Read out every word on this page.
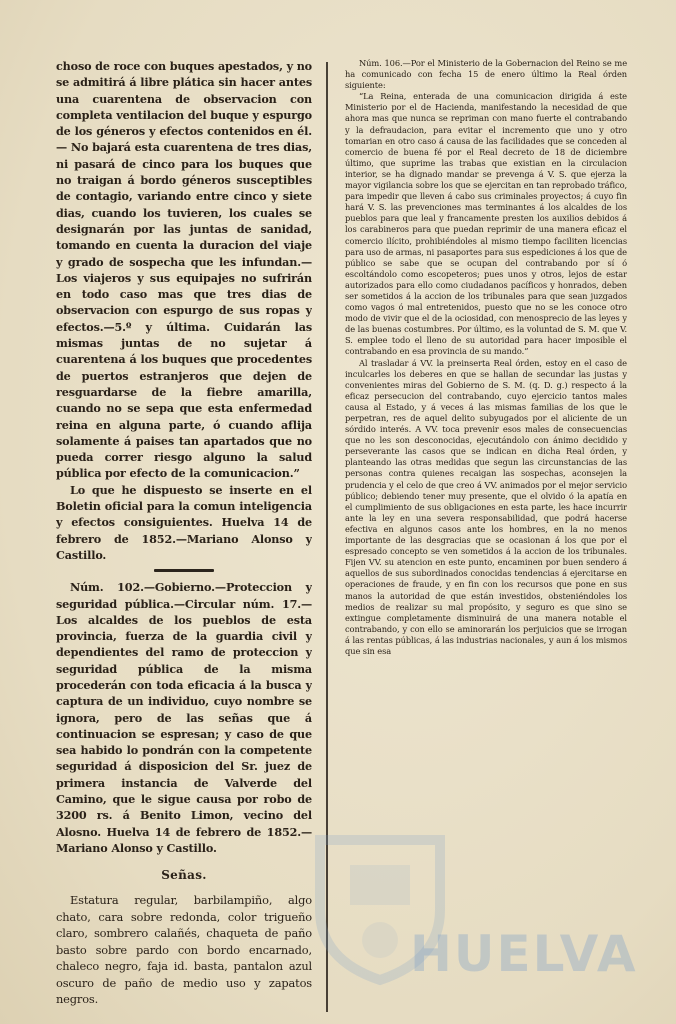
choso de roce con buques apestados, y no se admitirá á libre plática sin hacer antes una cuarentena de observacion con completa ventilacion del buque y espurgo de los géneros y efectos contenidos en él.— No bajará esta cuarentena de tres dias, ni pasará de cinco para los buques que no traigan á bordo géneros susceptibles de contagio, variando entre cinco y siete dias, cuando los tuvieren, los cuales se designarán por las juntas de sanidad, tomando en cuenta la duracion del viaje y grado de sospecha que les infundan.—Los viajeros y sus equipajes no sufrirán en todo caso mas que tres dias de observacion con espurgo de sus ropas y efectos.—5.º y última. Cuidarán las mismas juntas de no sujetar á cuarentena á los buques que procedentes de puertos estranjeros que dejen de resguardarse de la fiebre amarilla, cuando no se sepa que esta enfermedad reina en alguna parte, ó cuando aflija solamente á paises tan apartados que no pueda correr riesgo alguno la salud pública por efecto de la comunicacion.”

Lo que he dispuesto se inserte en el Boletin oficial para la comun inteligencia y efectos consiguientes. Huelva 14 de febrero de 1852.—Mariano Alonso y Castillo.

Núm. 102.—Gobierno.—Proteccion y seguridad pública.—Circular núm. 17.—Los alcaldes de los pueblos de esta provincia, fuerza de la guardia civil y dependientes del ramo de proteccion y seguridad pública de la misma procederán con toda eficacia á la busca y captura de un individuo, cuyo nombre se ignora, pero de las señas que á continuacion se espresan; y caso de que sea habido lo pondrán con la competente seguridad á disposicion del Sr. juez de primera instancia de Valverde del Camino, que le sigue causa por robo de 3200 rs. á Benito Limon, vecino del Alosno. Huelva 14 de febrero de 1852.—Mariano Alonso y Castillo.

Señas.

Estatura regular, barbilampiño, algo chato, cara sobre redonda, color trigueño claro, sombrero calañés, chaqueta de paño basto sobre pardo con bordo encarnado, chaleco negro, faja id. basta, pantalon azul oscuro de paño de medio uso y zapatos negros.

Núm. 106.—Por el Ministerio de la Gobernacion del Reino se me ha comunicado con fecha 15 de enero último la Real órden siguiente:

“La Reina, enterada de una comunicacion dirigida á este Ministerio por el de Hacienda, manifestando la necesidad de que ahora mas que nunca se repriman con mano fuerte el contrabando y la defraudacion, para evitar el incremento que uno y otro tomarian en otro caso á causa de las facilidades que se conceden al comercio de buena fé por el Real decreto de 18 de diciembre último, que suprime las trabas que existian en la circulacion interior, se ha dignado mandar se prevenga á V. S. que ejerza la mayor vigilancia sobre los que se ejercitan en tan reprobado tráfico, para impedir que lleven á cabo sus criminales proyectos; á cuyo fin hará V. S. las prevenciones mas terminantes á los alcaldes de los pueblos para que leal y francamente presten los auxilios debidos á los carabineros para que puedan reprimir de una manera eficaz el comercio ilícito, prohibiéndoles al mismo tiempo faciliten licencias para uso de armas, ni pasaportes para sus espediciones á los que de público se sabe que se ocupan del contrabando por sí ó escoltándolo como escopeteros; pues unos y otros, lejos de estar autorizados para ello como ciudadanos pacíficos y honrados, deben ser sometidos á la accion de los tribunales para que sean juzgados como vagos ó mal entretenidos, puesto que no se les conoce otro modo de vivir que el de la ociosidad, con menosprecio de las leyes y de las buenas costumbres. Por último, es la voluntad de S. M. que V. S. emplee todo el lleno de su autoridad para hacer imposible el contrabando en esa provincia de su mando.”

Al trasladar á VV. la preinserta Real órden, estoy en el caso de inculcarles los deberes en que se hallan de secundar las justas y convenientes miras del Gobierno de S. M. (q. D. g.) respecto á la eficaz persecucion del contrabando, cuyo ejercicio tantos males causa al Estado, y á veces á las mismas familias de los que le perpetran, res de aquel delito subyugados por el aliciente de un sórdido interés. A VV. toca prevenir esos males de consecuencias que no les son desconocidas, ejecutándolo con ánimo decidido y perseverante las casos que se indican en dicha Real órden, y planteando las otras medidas que segun las circunstancias de las personas contra quienes recaigan las sospechas, aconsejen la prudencia y el celo de que creo á VV. animados por el mejor servicio público; debiendo tener muy presente, que el olvido ó la apatía en el cumplimiento de sus obligaciones en esta parte, les hace incurrir ante la ley en una severa responsabilidad, que podrá hacerse efectiva en algunos casos ante los hombres, en la no menos importante de las desgracias que se ocasionan á los que por el espresado concepto se ven sometidos á la accion de los tribunales. Fijen VV. su atencion en este punto, encaminen por buen sendero á aquellos de sus subordinados conocidas tendencias á ejercitarse en operaciones de fraude, y en fin con los recursos que pone en sus manos la autoridad de que están investidos, obsteniéndoles los medios de realizar su mal propósito, y seguro es que sino se extingue completamente disminuirá de una manera notable el contrabando, y con ello se aminorarán los perjuicios que se irrogan á las rentas públicas, á las industrias nacionales, y aun á los mismos que sin esa

HUELVA
